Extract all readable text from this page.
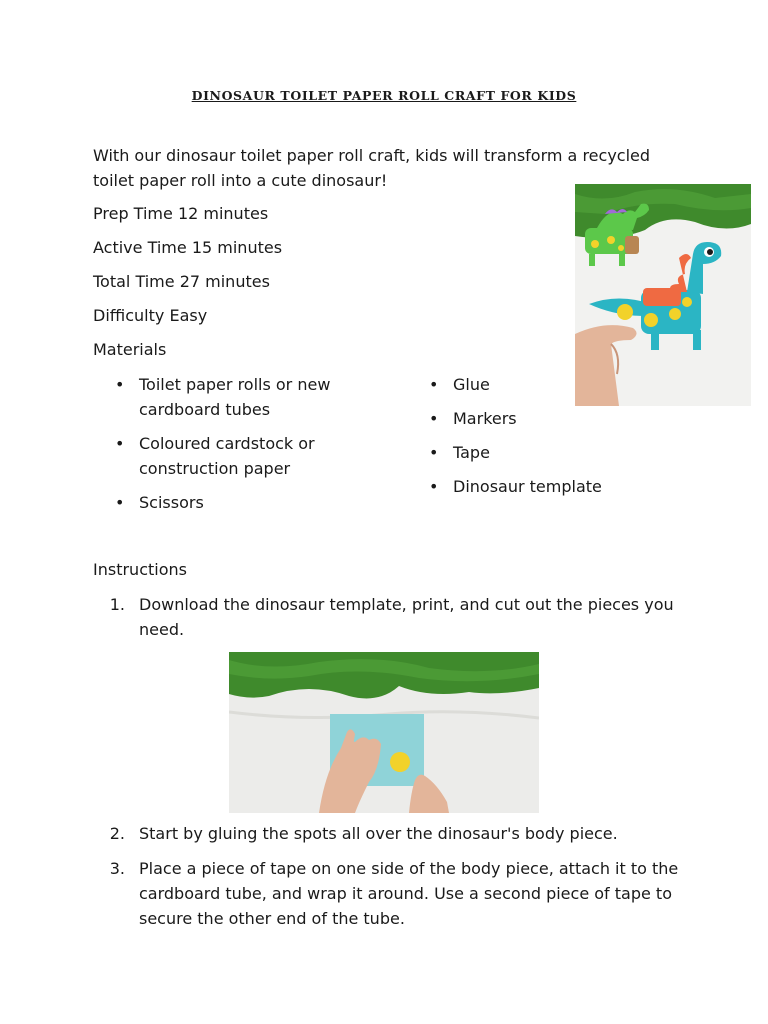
DINOSAUR TOILET PAPER ROLL CRAFT FOR KIDS
With our dinosaur toilet paper roll craft, kids will transform a recycled
toilet paper roll into a cute dinosaur!
Prep Time 12 minutes
Active Time 15 minutes
Total Time 27 minutes
Difficulty Easy
Materials
• Toilet paper rolls or new
cardboard tubes
• Coloured cardstock or
construction paper
• Scissors
• Glue
• Markers
• Tape
• Dinosaur template
Instructions
1. Download the dinosaur template, print, and cut out the pieces you
need.
2. Start by gluing the spots all over the dinosaur's body piece.
3. Place a piece of tape on one side of the body piece, attach it to the
cardboard tube, and wrap it around. Use a second piece of tape to
secure the other end of the tube.
